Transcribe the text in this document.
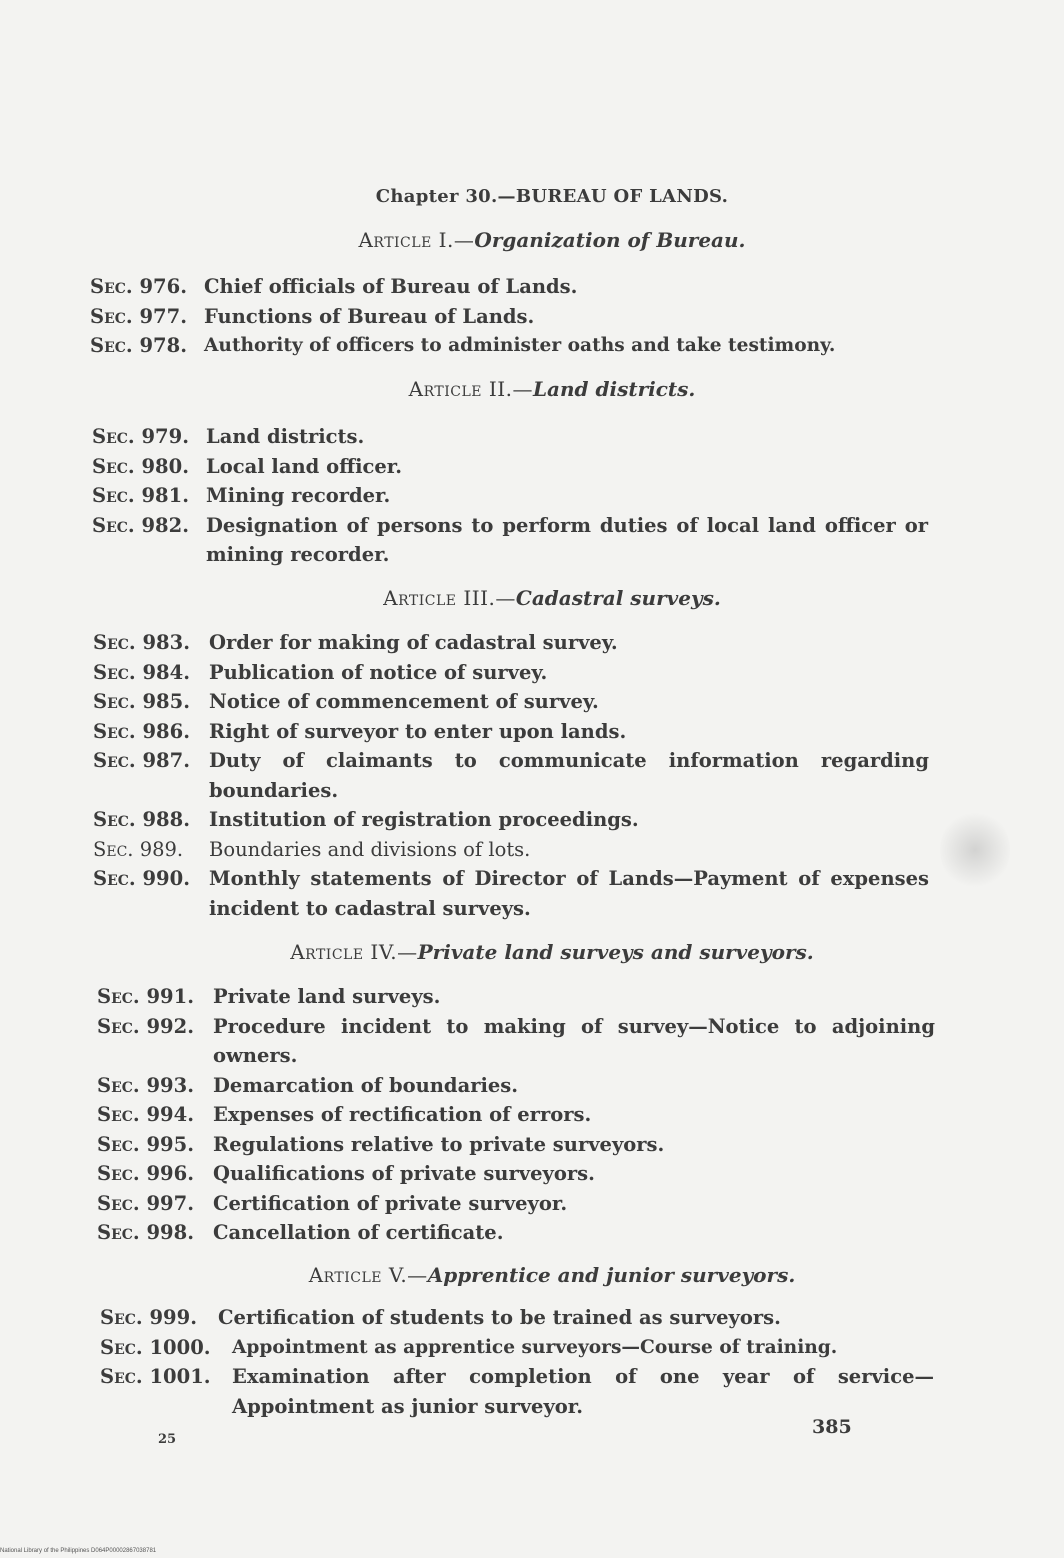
Chapter 30.—BUREAU OF LANDS.
Article I.—Organization of Bureau.
Sec. 976. Chief officials of Bureau of Lands.
Sec. 977. Functions of Bureau of Lands.
Sec. 978. Authority of officers to administer oaths and take testimony.
Article II.—Land districts.
Sec. 979. Land districts.
Sec. 980. Local land officer.
Sec. 981. Mining recorder.
Sec. 982. Designation of persons to perform duties of local land officer or mining recorder.
Article III.—Cadastral surveys.
Sec. 983. Order for making of cadastral survey.
Sec. 984. Publication of notice of survey.
Sec. 985. Notice of commencement of survey.
Sec. 986. Right of surveyor to enter upon lands.
Sec. 987. Duty of claimants to communicate information regarding boundaries.
Sec. 988. Institution of registration proceedings.
Sec. 989.	Boundaries and divisions of lots.
Sec. 990. Monthly statements of Director of Lands—Payment of expenses incident to cadastral surveys.
Article IV.—Private land surveys and surveyors.
Sec. 991. Private land surveys.
Sec. 992. Procedure incident to making of survey—Notice to adjoining owners.
Sec. 993. Demarcation of boundaries.
Sec. 994. Expenses of rectification of errors.
Sec. 995. Regulations relative to private surveyors.
Sec. 996. Qualifications of private surveyors.
Sec. 997. Certification of private surveyor.
Sec. 998. Cancellation of certificate.
Article V.—Apprentice and junior surveyors.
Sec. 999.	Certification of students to be trained as surveyors.
Sec. 1000.	Appointment as apprentice surveyors—Course of training.
Sec. 1001.	Examination after completion of one year of service—Appointment as junior surveyor.
25
385
National Library of the Philippines D064P00002867038781
